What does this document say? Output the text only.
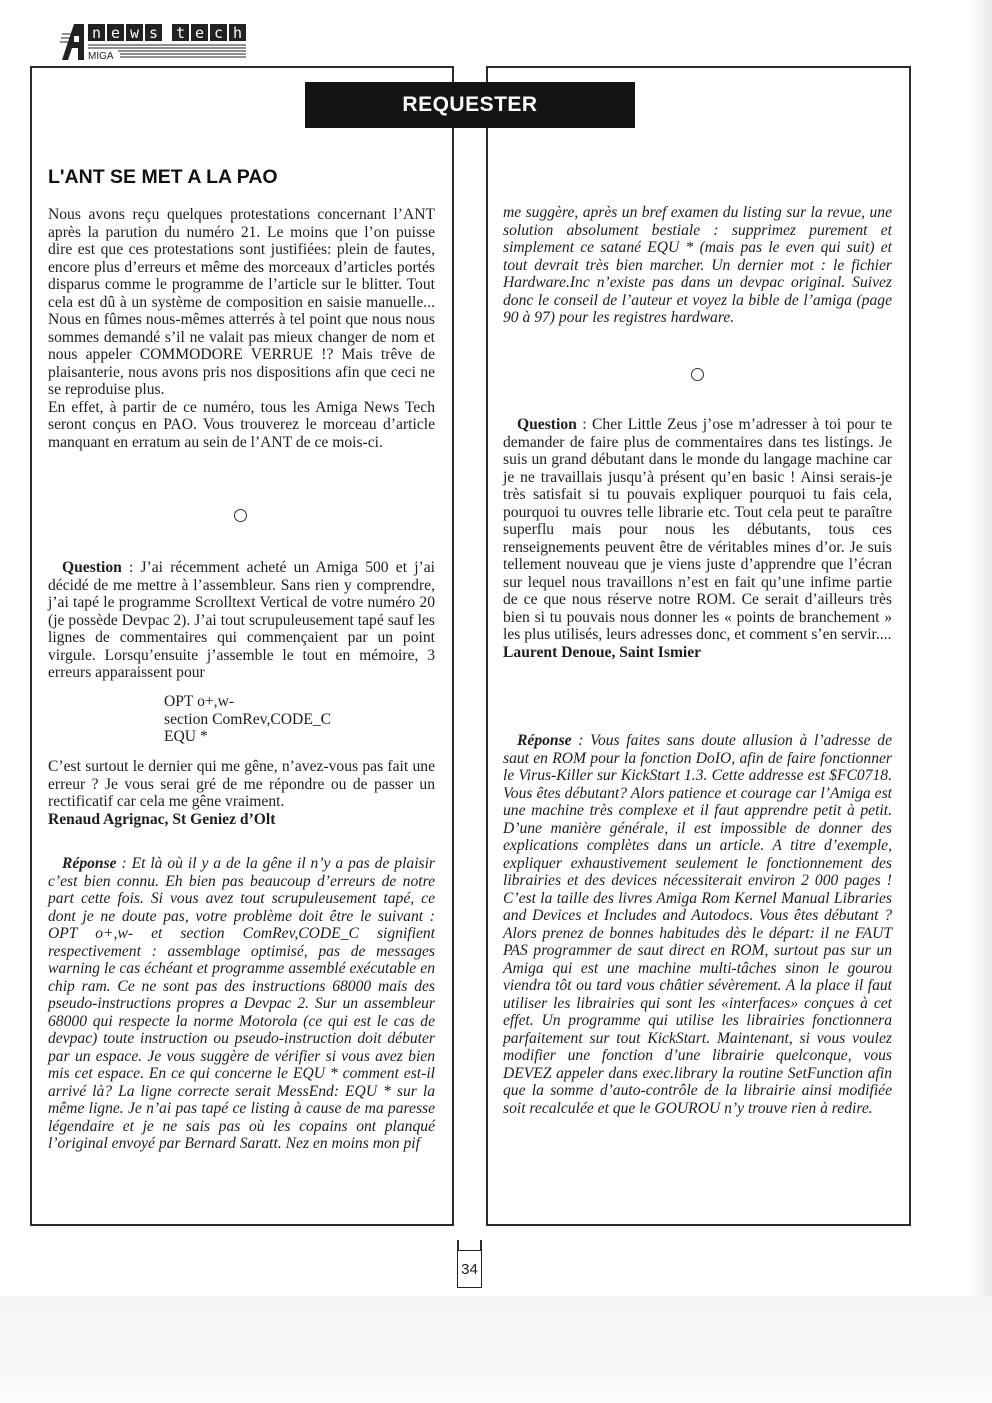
n e w s t e c h
MIGA
REQUESTER
L'ANT SE MET A LA PAO

Nous avons reçu quelques protestations concernant l’ANT après la parution du numéro 21. Le moins que l’on puisse dire est que ces protestations sont justifiées: plein de fautes, encore plus d’erreurs et même des morceaux d’articles portés disparus comme le programme de l’article sur le blitter. Tout cela est dû à un système de composition en saisie manuelle... Nous en fûmes nous-mêmes atterrés à tel point que nous nous sommes demandé s’il ne valait pas mieux changer de nom et nous appeler COMMODORE VERRUE !? Mais trêve de plaisanterie, nous avons pris nos dispositions afin que ceci ne se reproduise plus.

En effet, à partir de ce numéro, tous les Amiga News Tech seront conçus en PAO. Vous trouverez le morceau d’article manquant en erratum au sein de l’ANT de ce mois-ci.

Question : J’ai récemment acheté un Amiga 500 et j’ai décidé de me mettre à l’assembleur. Sans rien y comprendre, j’ai tapé le programme Scrolltext Vertical de votre numéro 20 (je possède Devpac 2). J’ai tout scrupuleusement tapé sauf les lignes de commentaires qui commençaient par un point virgule. Lorsqu’ensuite j’assemble le tout en mémoire, 3 erreurs apparaissent pour

OPT o+,w-
section ComRev,CODE_C
EQU *

C’est surtout le dernier qui me gêne, n’avez-vous pas fait une erreur ? Je vous serai gré de me répondre ou de passer un rectificatif car cela me gêne vraiment.

Renaud Agrignac, St Geniez d’Olt

Réponse : Et là où il y a de la gêne il n’y a pas de plaisir c’est bien connu. Eh bien pas beaucoup d’erreurs de notre part cette fois. Si vous avez tout scrupuleusement tapé, ce dont je ne doute pas, votre problème doit être le suivant : OPT o+,w- et section ComRev,CODE_C signifient respectivement : assemblage optimisé, pas de messages warning le cas échéant et programme assemblé exécutable en chip ram. Ce ne sont pas des instructions 68000 mais des pseudo-instructions propres a Devpac 2. Sur un assembleur 68000 qui respecte la norme Motorola (ce qui est le cas de devpac) toute instruction ou pseudo-instruction doit débuter par un espace. Je vous suggère de vérifier si vous avez bien mis cet espace. En ce qui concerne le EQU * comment est-il arrivé là? La ligne correcte serait MessEnd: EQU * sur la même ligne. Je n’ai pas tapé ce listing à cause de ma paresse légendaire et je ne sais pas où les copains ont planqué l’original envoyé par Bernard Saratt. Nez en moins mon pif

me suggère, après un bref examen du listing sur la revue, une solution absolument bestiale : supprimez purement et simplement ce satané EQU * (mais pas le even qui suit) et tout devrait très bien marcher. Un dernier mot : le fichier Hardware.Inc n’existe pas dans un devpac original. Suivez donc le conseil de l’auteur et voyez la bible de l’amiga (page 90 à 97) pour les registres hardware.

Question : Cher Little Zeus j’ose m’adresser à toi pour te demander de faire plus de commentaires dans tes listings. Je suis un grand débutant dans le monde du langage machine car je ne travaillais jusqu’à présent qu’en basic ! Ainsi serais-je très satisfait si tu pouvais expliquer pourquoi tu fais cela, pourquoi tu ouvres telle librarie etc. Tout cela peut te paraître superflu mais pour nous les débutants, tous ces renseignements peuvent être de véritables mines d’or. Je suis tellement nouveau que je viens juste d’apprendre que l’écran sur lequel nous travaillons n’est en fait qu’une infime partie de ce que nous réserve notre ROM. Ce serait d’ailleurs très bien si tu pouvais nous donner les « points de branchement » les plus utilisés, leurs adresses donc, et comment s’en servir....

Laurent Denoue, Saint Ismier

Réponse : Vous faites sans doute allusion à l’adresse de saut en ROM pour la fonction DoIO, afin de faire fonctionner le Virus-Killer sur KickStart 1.3. Cette addresse est $FC0718. Vous êtes débutant? Alors patience et courage car l’Amiga est une machine très complexe et il faut apprendre petit à petit. D’une manière générale, il est impossible de donner des explications complètes dans un article. A titre d’exemple, expliquer exhaustivement seulement le fonctionnement des librairies et des devices nécessiterait environ 2 000 pages ! C’est la taille des livres Amiga Rom Kernel Manual Libraries and Devices et Includes and Autodocs. Vous êtes débutant ? Alors prenez de bonnes habitudes dès le départ: il ne FAUT PAS programmer de saut direct en ROM, surtout pas sur un Amiga qui est une machine multi-tâches sinon le gourou viendra tôt ou tard vous châtier sévèrement. A la place il faut utiliser les librairies qui sont les «interfaces» conçues à cet effet. Un programme qui utilise les librairies fonctionnera parfaitement sur tout KickStart. Maintenant, si vous voulez modifier une fonction d’une librairie quelconque, vous DEVEZ appeler dans exec.library la routine SetFunction afin que la somme d’auto-contrôle de la librairie ainsi modifiée soit recalculée et que le GOUROU n’y trouve rien à redire.

34
